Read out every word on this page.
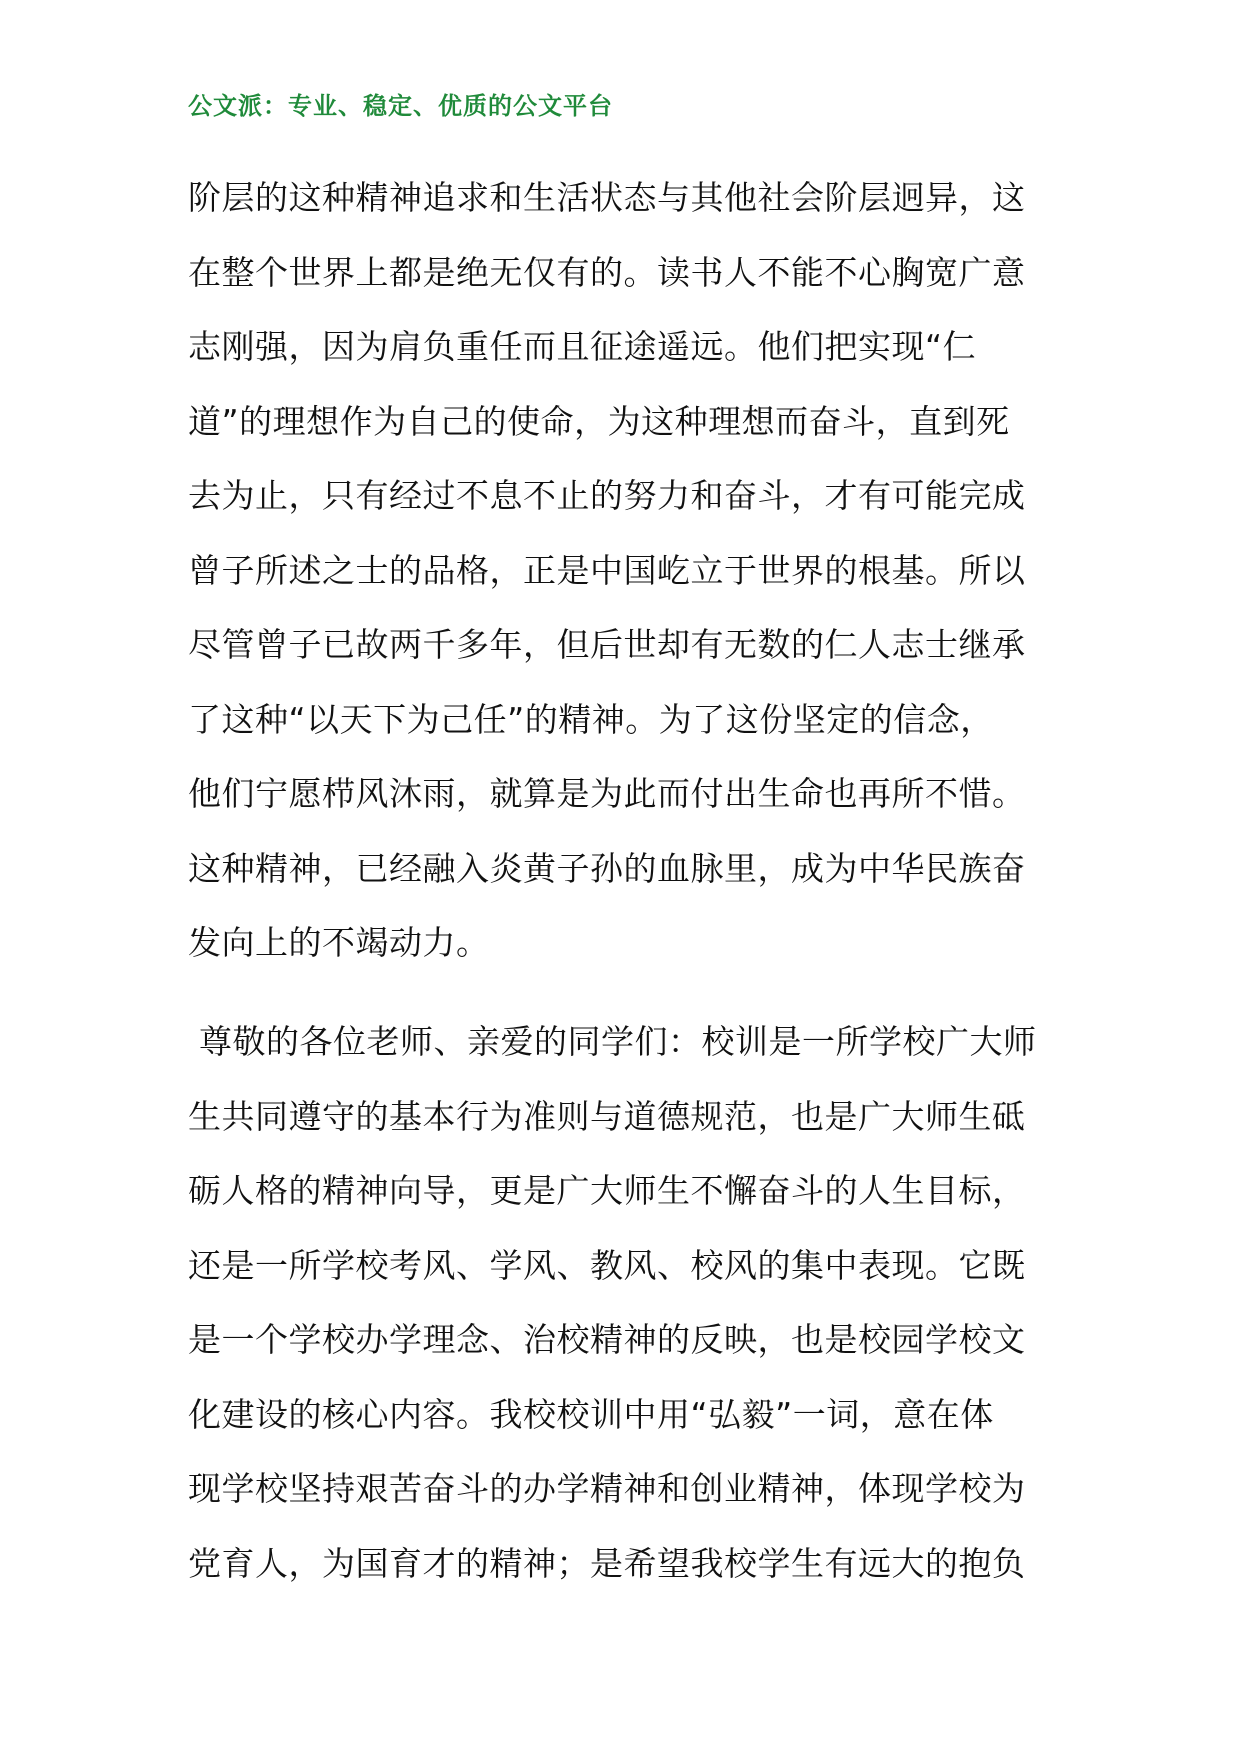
公文派：专业、稳定、优质的公文平台
阶层的这种精神追求和生活状态与其他社会阶层迥异，这
在整个世界上都是绝无仅有的。读书人不能不心胸宽广意
志刚强，因为肩负重任而且征途遥远。他们把实现“仁
道”的理想作为自己的使命，为这种理想而奋斗，直到死
去为止，只有经过不息不止的努力和奋斗，才有可能完成
曾子所述之士的品格，正是中国屹立于世界的根基。所以
尽管曾子已故两千多年，但后世却有无数的仁人志士继承
了这种“以天下为己任”的精神。为了这份坚定的信念，
他们宁愿栉风沐雨，就算是为此而付出生命也再所不惜。
这种精神，已经融入炎黄子孙的血脉里，成为中华民族奋
发向上的不竭动力。
尊敬的各位老师、亲爱的同学们：校训是一所学校广大师
生共同遵守的基本行为准则与道德规范，也是广大师生砥
砺人格的精神向导，更是广大师生不懈奋斗的人生目标，
还是一所学校考风、学风、教风、校风的集中表现。它既
是一个学校办学理念、治校精神的反映，也是校园学校文
化建设的核心内容。我校校训中用“弘毅”一词，意在体
现学校坚持艰苦奋斗的办学精神和创业精神，体现学校为
党育人，为国育才的精神；是希望我校学生有远大的抱负
